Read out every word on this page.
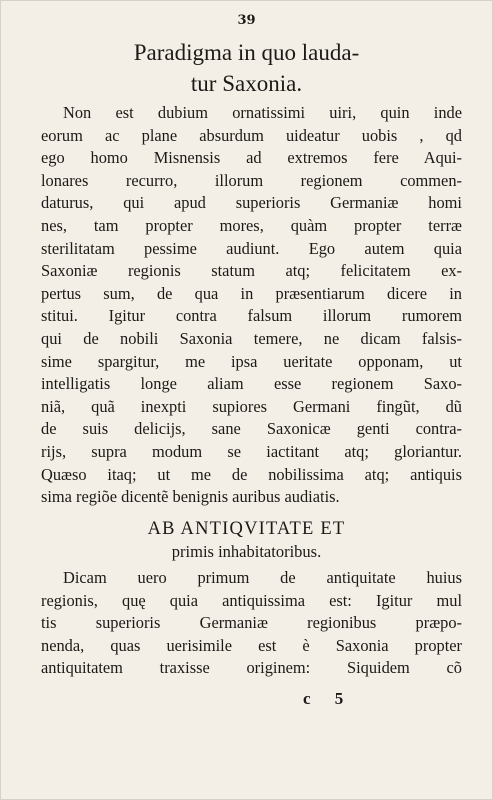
39
Paradigma in quo lauda-
tur Saxonia.
Non est dubium ornatissimi uiri, quin inde
eorum ac plane absurdum uideatur uobis , qd
ego homo Misnensis ad extremos fere Aqui-
lonares recurro, illorum regionem commen-
daturus, qui apud superioris Germaniæ homi
nes, tam propter mores, quàm propter terræ
sterilitatam pessime audiunt. Ego autem quia
Saxoniæ regionis statum atq; felicitatem ex-
pertus sum, de qua in præsentiarum dicere in
stitui. Igitur contra falsum illorum rumorem
qui de nobili Saxonia temere, ne dicam falsis-
sime spargitur, me ipsa ueritate opponam, ut
intelligatis longe aliam esse regionem Saxo-
niã, quã inexpti supiores Germani fingũt, dũ
de suis delicijs, sane Saxonicæ genti contra-
rijs, supra modum se iactitant atq; gloriantur.
Quæso itaq; ut me de nobilissima atq; antiquis
sima regiõe dicentẽ benignis auribus audiatis.
AB ANTIQVITATE ET
primis inhabitatoribus.
Dicam uero primum de antiquitate huius
regionis, quę quia antiquissima est: Igitur mul
tis superioris Germaniæ regionibus præpo-
nenda, quas uerisimile est è Saxonia propter
antiquitatem traxisse originem: Siquidem cõ
c 5
